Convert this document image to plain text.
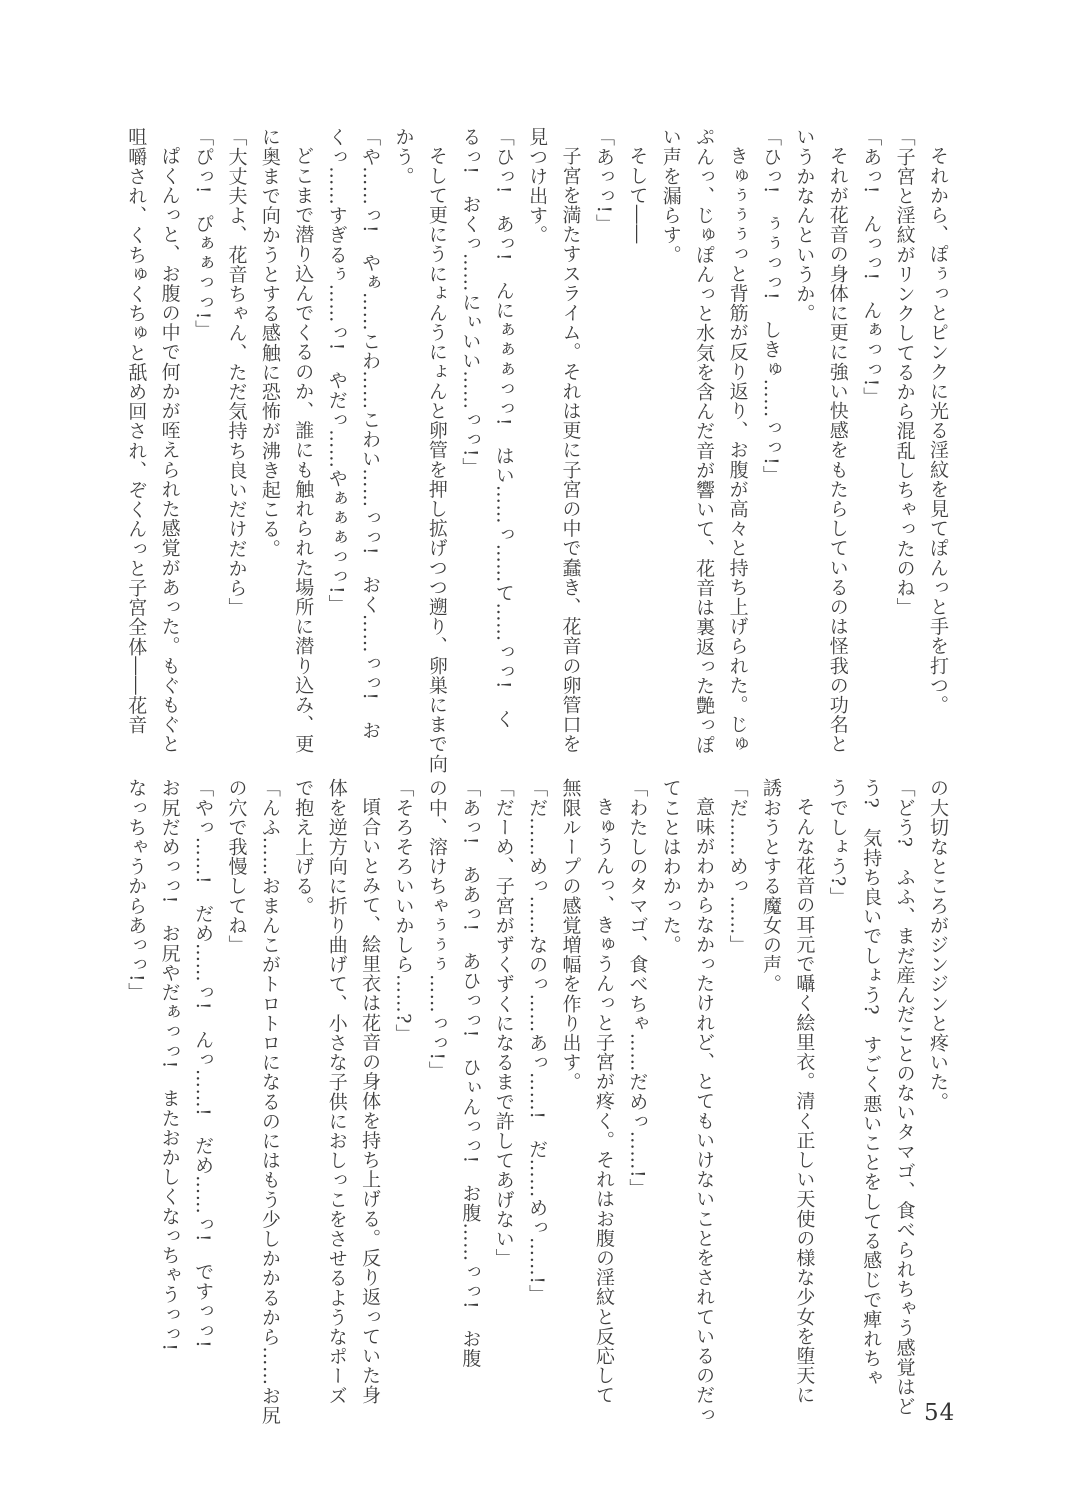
それから、ぽぅっとピンクに光る淫紋を見てぽんっと手を打つ。
「子宮と淫紋がリンクしてるから混乱しちゃったのね」
「あっ!　んっっ!　んぁっっ!」
それが花音の身体に更に強い快感をもたらしているのは怪我の功名と
いうかなんというか。
「ひっ!　ぅぅっっ!　しきゅ……っっ!」
きゅぅぅぅっと背筋が反り返り、お腹が高々と持ち上げられた。じゅ
ぷんっ、じゅぽんっと水気を含んだ音が響いて、花音は裏返った艶っぽ
い声を漏らす。
そして――
「あっっ!」
子宮を満たすスライム。それは更に子宮の中で蠢き、花音の卵管口を
見つけ出す。
「ひっ!　あっ!　んにぁぁぁっっ!　はい……っ……て……っっ!　く
るっ!　おくっ……にぃいい……っっ!」
そして更にうにょんうにょんと卵管を押し拡げつつ遡り、卵巣にまで向
かう。
「や……っ!　やぁ……こわ……こわい……っっ!　おく……っっ!　お
くっ……すぎるぅ……っ!　やだっ……やぁぁぁっっ!」
どこまで潜り込んでくるのか、誰にも触れられた場所に潜り込み、更
に奥まで向かうとする感触に恐怖が沸き起こる。
「大丈夫よ、花音ちゃん、ただ気持ち良いだけだから」
「ぴっ!　ぴぁぁっっ!」
ぱくんっと、お腹の中で何かが咥えられた感覚があった。もぐもぐと
咀嚼され、くちゅくちゅと舐め回され、ぞくんっと子宮全体――花音
の大切なところがジンジンと疼いた。
「どう?　ふふ、まだ産んだことのないタマゴ、食べられちゃう感覚はど
う?　気持ち良いでしょう?　すごく悪いことをしてる感じで痺れちゃ
うでしょう?」
そんな花音の耳元で囁く絵里衣。清く正しい天使の様な少女を堕天に
誘おうとする魔女の声。
「だ……めっ……」
意味がわからなかったけれど、とてもいけないことをされているのだっ
てことはわかった。
「わたしのタマゴ、食べちゃ……だめっ……!」
きゅうんっ、きゅうんっと子宮が疼く。それはお腹の淫紋と反応して
無限ループの感覚増幅を作り出す。
「だ……めっ……なのっ……あっ……!　だ……めっ……!」
「だーめ、子宮がずくずくになるまで許してあげない」
「あっ!　ああっ!　あひっっ!　ひぃんっっ!　お腹……っっ!　お腹
の中、溶けちゃぅぅぅ……っっ!」
「そろそろいいかしら……?」
頃合いとみて、絵里衣は花音の身体を持ち上げる。反り返っていた身
体を逆方向に折り曲げて、小さな子供におしっこをさせるようなポーズ
で抱え上げる。
「んふ……おまんこがトロトロになるのにはもう少しかかるから……お尻
の穴で我慢してね」
「やっ……!　だめ……っ!　んっ……!　だめ……っ!　ですっっ!
お尻だめっっ!　お尻やだぁっっ!　またおかしくなっちゃうっっ!
なっちゃうからあっっ!」
54
